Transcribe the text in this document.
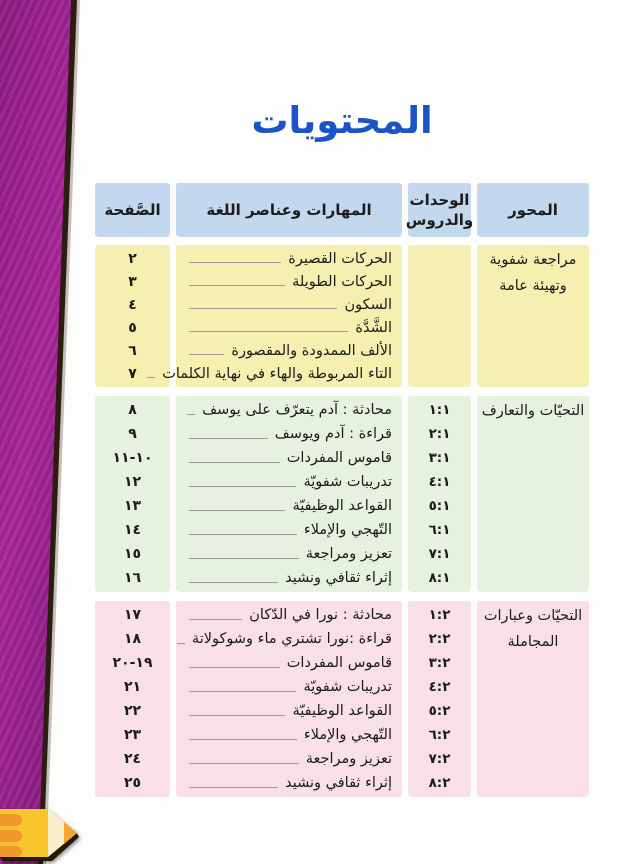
المحتويات
الصَّفحة	المهارات وعناصر اللغة
الوحدات والدروس
المحور
٢
٣
٤
٥
٦
٧
الحركات القصيرة
الحركات الطويلة
السكون
الشَّدَّة
الألف الممدودة والمقصورة
التاء المربوطة والهاء في نهاية الكلمات
مراجعة شفوية وتهيئة عامة
٨
٩
١٠-١١
١٢
١٣
١٤
١٥
١٦
محادثة : آدم يتعرّف على يوسف
قراءة : آدم ويوسف
قاموس المفردات
تدريبات شفويّة
القواعد الوظيفيّة
التّهجي والإملاء
تعزيز ومراجعة
إثراء ثقافي ونشيد
١:١
٢:١
٣:١
٤:١
٥:١
٦:١
٧:١
٨:١
التحيّات والتعارف
١٧
١٨
١٩-٢٠
٢١
٢٢
٢٣
٢٤
٢٥
محادثة : نورا في الدّكان
قراءة :نورا تشتري ماء وشوكولاتة
قاموس المفردات
تدريبات شفويّة
القواعد الوظيفيّة
التّهجي والإملاء
تعزيز ومراجعة
إثراء ثقافي ونشيد
١:٢
٢:٢
٣:٢
٤:٢
٥:٢
٦:٢
٧:٢
٨:٢
التحيّات وعبارات المجاملة
